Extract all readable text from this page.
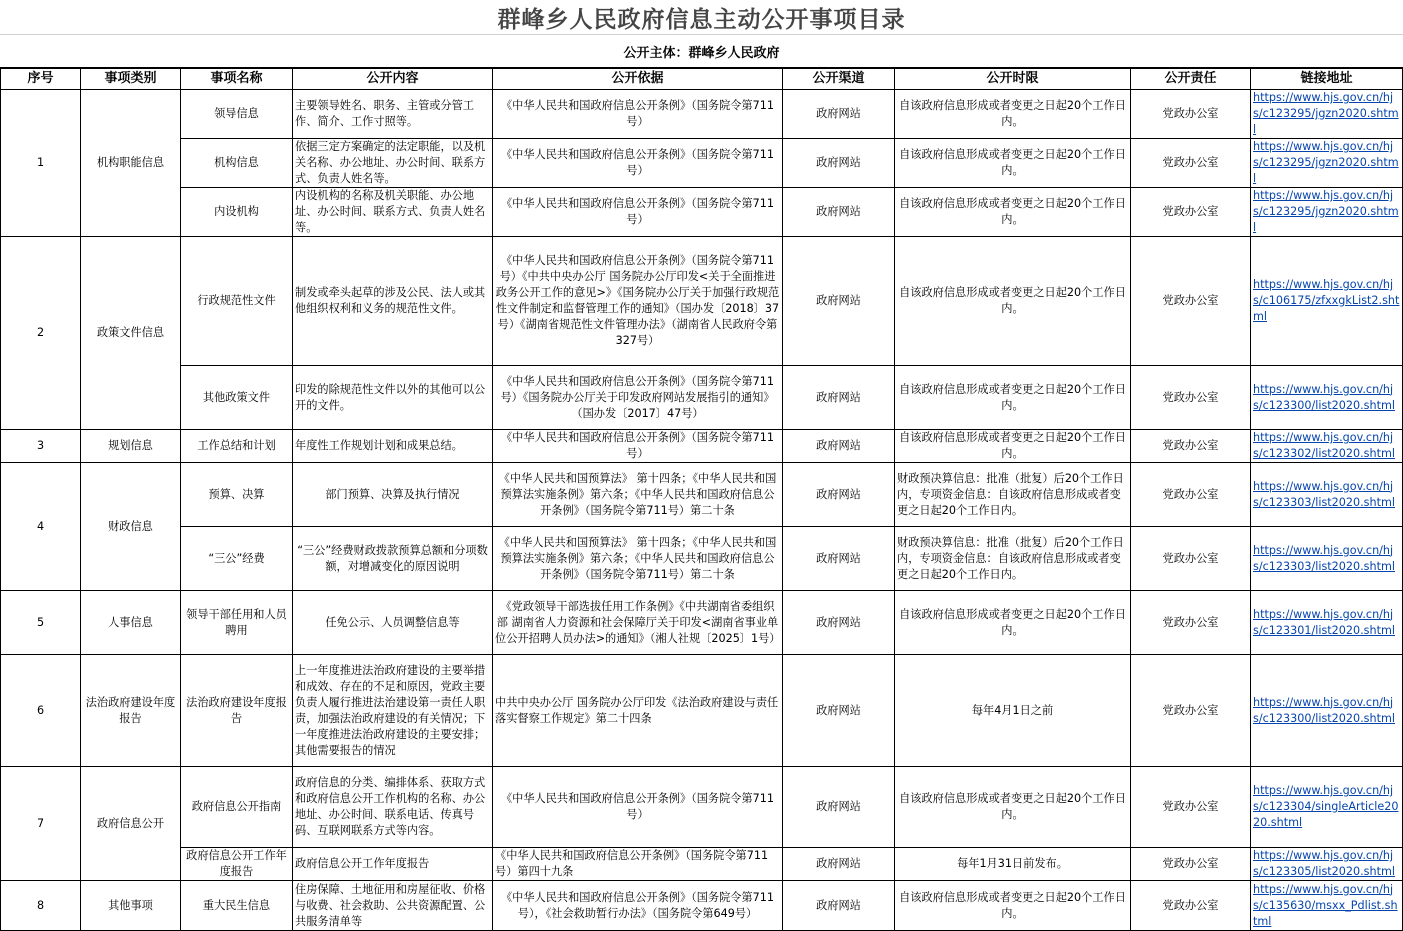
群峰乡人民政府信息主动公开事项目录
公开主体：群峰乡人民政府
序号	事项类别	事项名称	公开内容	公开依据	公开渠道	公开时限	公开责任	链接地址
1	机构职能信息	领导信息	主要领导姓名、职务、主管或分管工作、简介、工作寸照等。	《中华人民共和国政府信息公开条例》（国务院令第711号）	政府网站	自该政府信息形成或者变更之日起20个工作日内。	党政办公室	https://www.hjs.gov.cn/hjs/c123295/jgzn2020.shtml
		机构信息	依据三定方案确定的法定职能，以及机关名称、办公地址、办公时间、联系方式、负责人姓名等。	《中华人民共和国政府信息公开条例》（国务院令第711号）	政府网站	自该政府信息形成或者变更之日起20个工作日内。	党政办公室	https://www.hjs.gov.cn/hjs/c123295/jgzn2020.shtml
		内设机构	内设机构的名称及机关职能、办公地址、办公时间、联系方式、负责人姓名等。	《中华人民共和国政府信息公开条例》（国务院令第711号）	政府网站	自该政府信息形成或者变更之日起20个工作日内。	党政办公室	https://www.hjs.gov.cn/hjs/c123295/jgzn2020.shtml
2	政策文件信息	行政规范性文件	制发或牵头起草的涉及公民、法人或其他组织权利和义务的规范性文件。	《中华人民共和国政府信息公开条例》（国务院令第711号）《中共中央办公厅 国务院办公厅印发<关于全面推进政务公开工作的意见>》《国务院办公厅关于加强行政规范性文件制定和监督管理工作的通知》（国办发〔2018〕37号）《湖南省规范性文件管理办法》（湖南省人民政府令第327号）	政府网站	自该政府信息形成或者变更之日起20个工作日内。	党政办公室	https://www.hjs.gov.cn/hjs/c106175/zfxxgkList2.shtml
		其他政策文件	印发的除规范性文件以外的其他可以公开的文件。	《中华人民共和国政府信息公开条例》（国务院令第711号）《国务院办公厅关于印发政府网站发展指引的通知》（国办发〔2017〕47号）	政府网站	自该政府信息形成或者变更之日起20个工作日内。	党政办公室	https://www.hjs.gov.cn/hjs/c123300/list2020.shtml
3	规划信息	工作总结和计划	年度性工作规划计划和成果总结。	《中华人民共和国政府信息公开条例》（国务院令第711号）	政府网站	自该政府信息形成或者变更之日起20个工作日内。	党政办公室	https://www.hjs.gov.cn/hjs/c123302/list2020.shtml
4	财政信息	预算、决算	部门预算、决算及执行情况	《中华人民共和国预算法》 第十四条；《中华人民共和国预算法实施条例》第六条；《中华人民共和国政府信息公开条例》（国务院令第711号）第二十条	政府网站	财政预决算信息：批准（批复）后20个工作日内，专项资金信息：自该政府信息形成或者变更之日起20个工作日内。	党政办公室	https://www.hjs.gov.cn/hjs/c123303/list2020.shtml
		“三公”经费	“三公”经费财政拨款预算总额和分项数额，对增减变化的原因说明	《中华人民共和国预算法》 第十四条；《中华人民共和国预算法实施条例》第六条；《中华人民共和国政府信息公开条例》（国务院令第711号）第二十条	政府网站	财政预决算信息：批准（批复）后20个工作日内，专项资金信息：自该政府信息形成或者变更之日起20个工作日内。	党政办公室	https://www.hjs.gov.cn/hjs/c123303/list2020.shtml
5	人事信息	领导干部任用和人员聘用	任免公示、人员调整信息等	《党政领导干部选拔任用工作条例》《中共湖南省委组织部 湖南省人力资源和社会保障厅关于印发<湖南省事业单位公开招聘人员办法>的通知》（湘人社规〔2025〕1号）	政府网站	自该政府信息形成或者变更之日起20个工作日内。	党政办公室	https://www.hjs.gov.cn/hjs/c123301/list2020.shtml
6	法治政府建设年度报告	法治政府建设年度报告	上一年度推进法治政府建设的主要举措和成效、存在的不足和原因，党政主要负责人履行推进法治建设第一责任人职责，加强法治政府建设的有关情况；下一年度推进法治政府建设的主要安排；其他需要报告的情况	中共中央办公厅 国务院办公厅印发《法治政府建设与责任落实督察工作规定》第二十四条	政府网站	每年4月1日之前	党政办公室	https://www.hjs.gov.cn/hjs/c123300/list2020.shtml
7	政府信息公开	政府信息公开指南	政府信息的分类、编排体系、获取方式和政府信息公开工作机构的名称、办公地址、办公时间、联系电话、传真号码、互联网联系方式等内容。	《中华人民共和国政府信息公开条例》（国务院令第711号）	政府网站	自该政府信息形成或者变更之日起20个工作日内。	党政办公室	https://www.hjs.gov.cn/hjs/c123304/singleArticle2020.shtml
		政府信息公开工作年度报告	政府信息公开工作年度报告	《中华人民共和国政府信息公开条例》（国务院令第711号）第四十九条	政府网站	每年1月31日前发布。	党政办公室	https://www.hjs.gov.cn/hjs/c123305/list2020.shtml
8	其他事项	重大民生信息	住房保障、土地征用和房屋征收、价格与收费、社会救助、公共资源配置、公共服务清单等	《中华人民共和国政府信息公开条例》（国务院令第711号），《社会救助暂行办法》（国务院令第649号）	政府网站	自该政府信息形成或者变更之日起20个工作日内。	党政办公室	https://www.hjs.gov.cn/hjs/c135630/msxx_Pdlist.shtml
